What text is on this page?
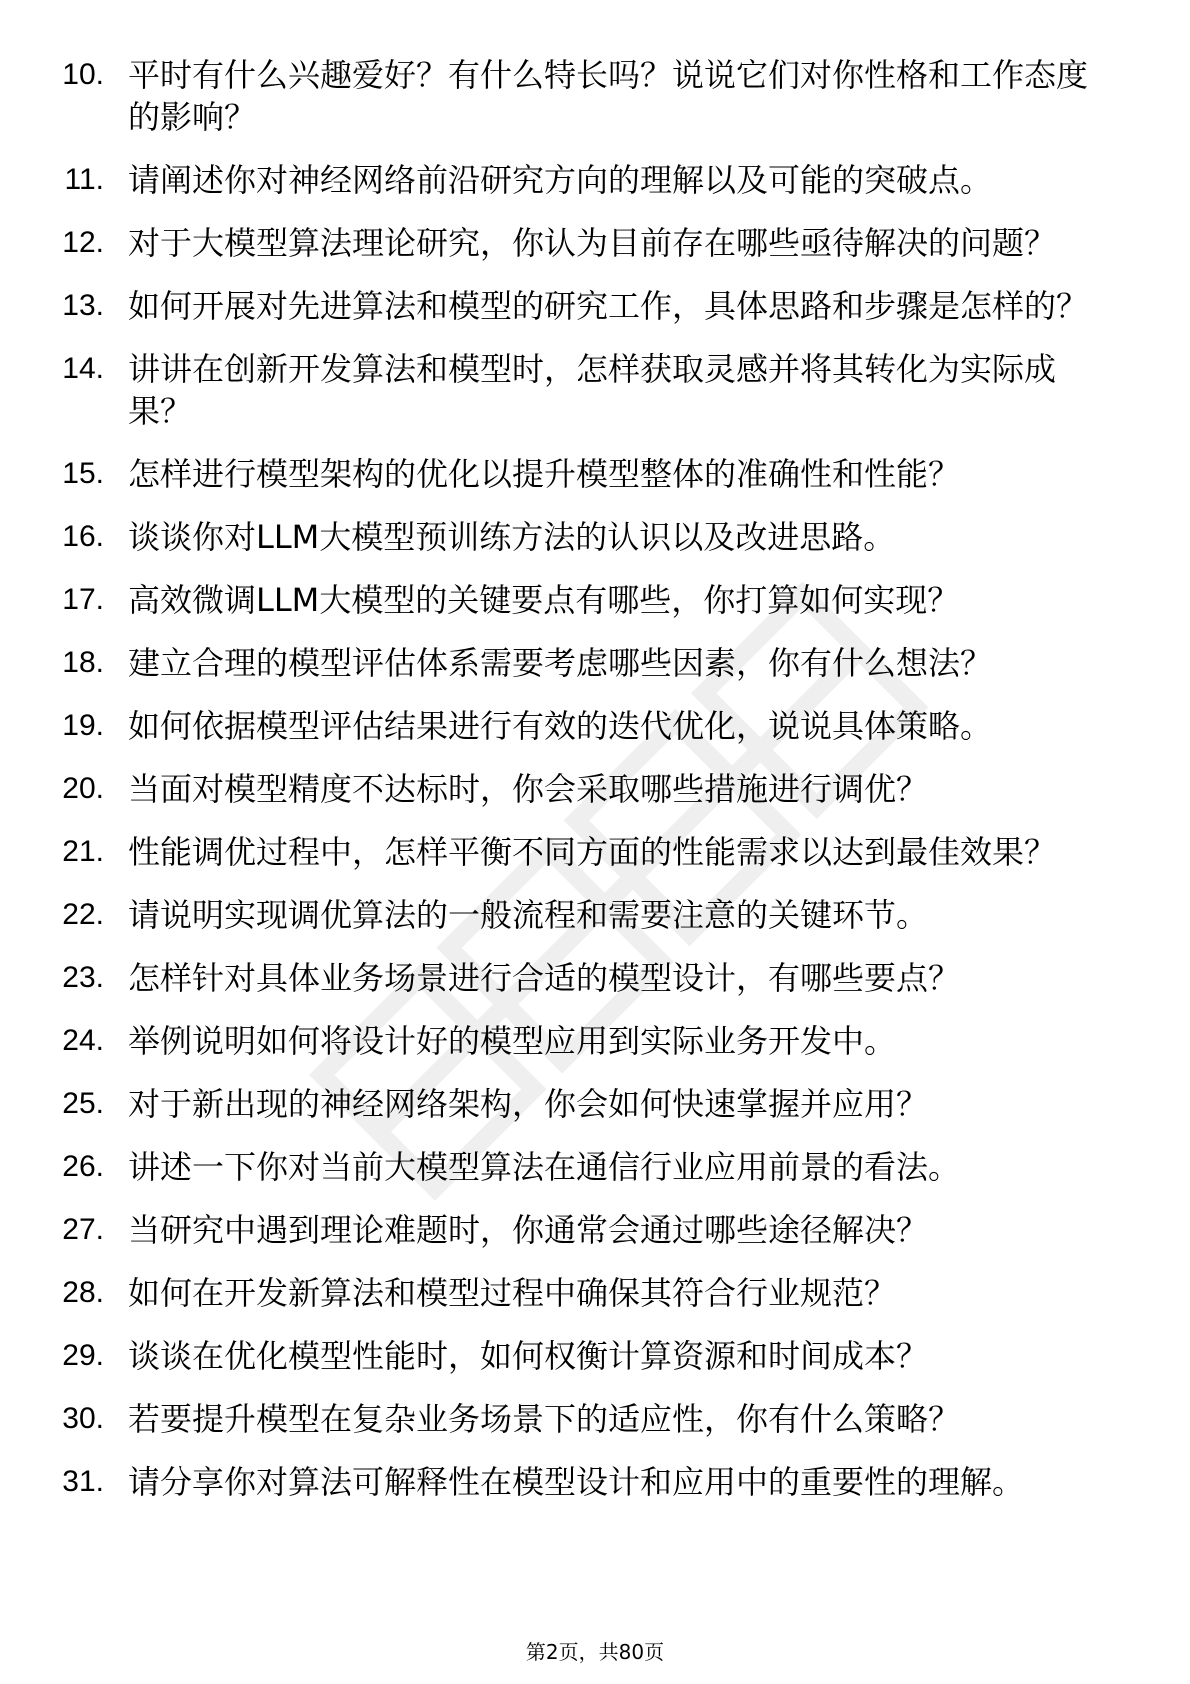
10. 平时有什么兴趣爱好？有什么特长吗？说说它们对你性格和工作态度的影响？
11. 请阐述你对神经网络前沿研究方向的理解以及可能的突破点。
12. 对于大模型算法理论研究，你认为目前存在哪些亟待解决的问题？
13. 如何开展对先进算法和模型的研究工作，具体思路和步骤是怎样的？
14. 讲讲在创新开发算法和模型时，怎样获取灵感并将其转化为实际成果？
15. 怎样进行模型架构的优化以提升模型整体的准确性和性能？
16. 谈谈你对LLM大模型预训练方法的认识以及改进思路。
17. 高效微调LLM大模型的关键要点有哪些，你打算如何实现？
18. 建立合理的模型评估体系需要考虑哪些因素，你有什么想法？
19. 如何依据模型评估结果进行有效的迭代优化，说说具体策略。
20. 当面对模型精度不达标时，你会采取哪些措施进行调优？
21. 性能调优过程中，怎样平衡不同方面的性能需求以达到最佳效果？
22. 请说明实现调优算法的一般流程和需要注意的关键环节。
23. 怎样针对具体业务场景进行合适的模型设计，有哪些要点？
24. 举例说明如何将设计好的模型应用到实际业务开发中。
25. 对于新出现的神经网络架构，你会如何快速掌握并应用？
26. 讲述一下你对当前大模型算法在通信行业应用前景的看法。
27. 当研究中遇到理论难题时，你通常会通过哪些途径解决？
28. 如何在开发新算法和模型过程中确保其符合行业规范？
29. 谈谈在优化模型性能时，如何权衡计算资源和时间成本？
30. 若要提升模型在复杂业务场景下的适应性，你有什么策略？
31. 请分享你对算法可解释性在模型设计和应用中的重要性的理解。
第2页，共80页
